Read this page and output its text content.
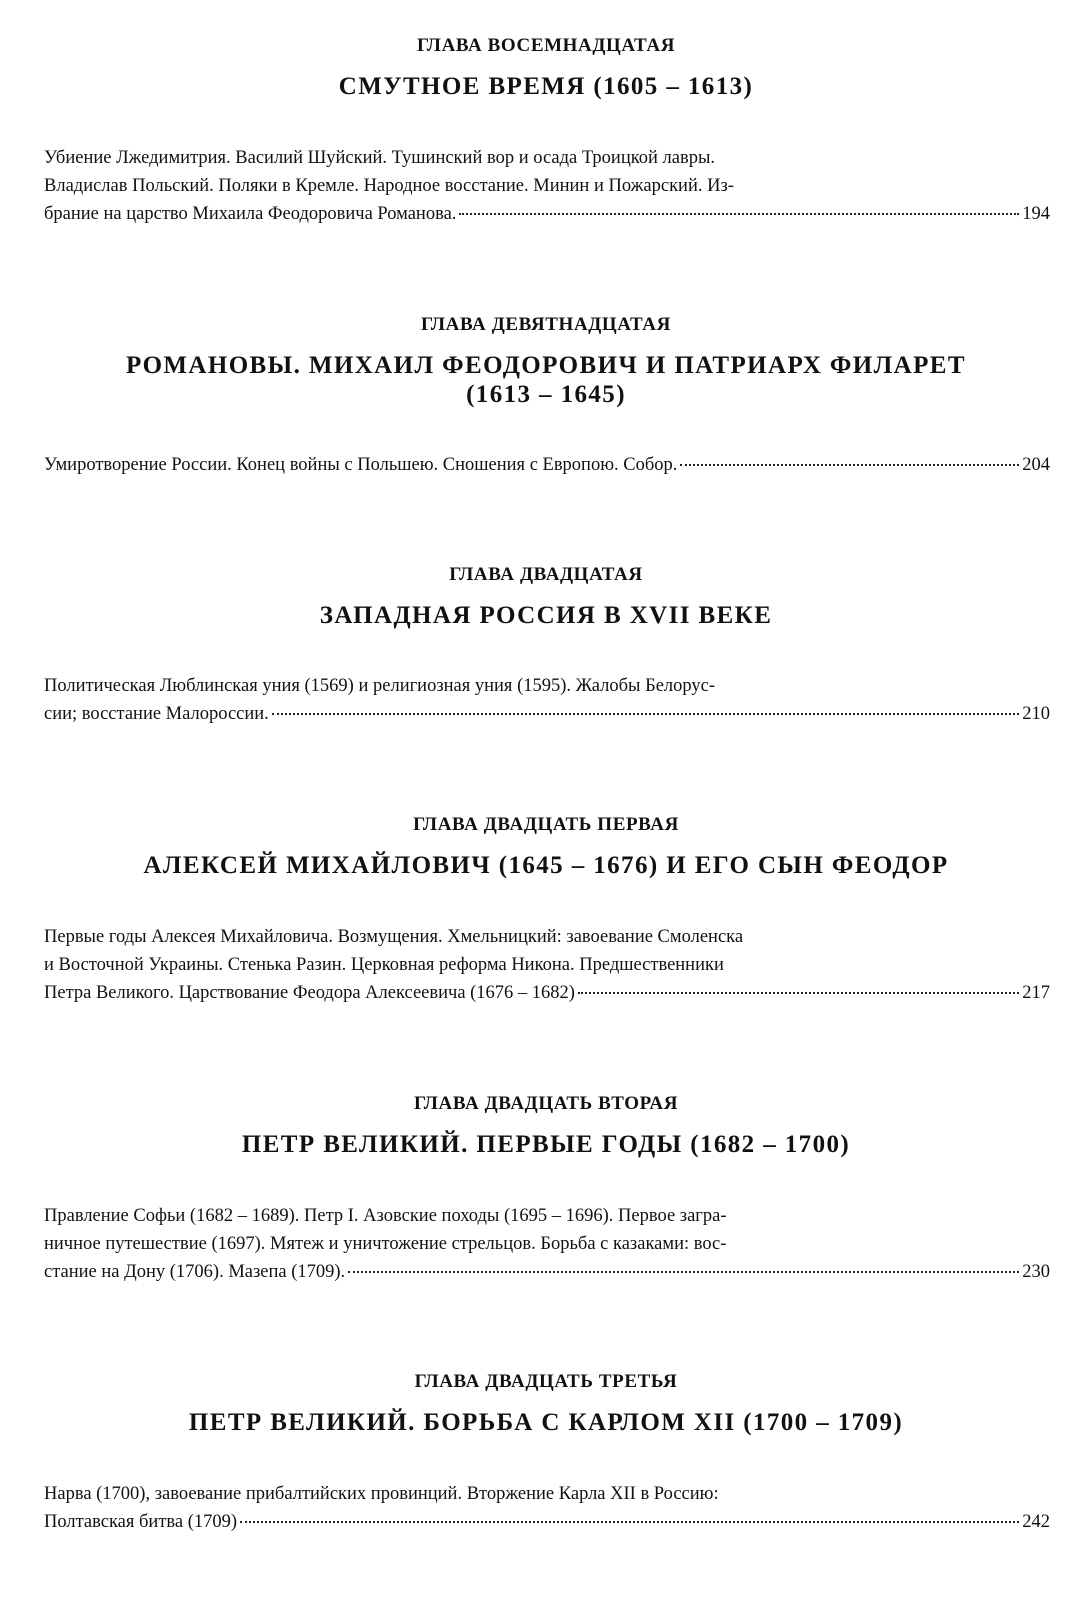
ГЛАВА ВОСЕМНАДЦАТАЯ

СМУТНОЕ ВРЕМЯ (1605 – 1613)

Убиение Лжедимитрия. Василий Шуйский. Тушинский вор и осада Троицкой лавры.
Владислав Польский. Поляки в Кремле. Народное восстание. Минин и Пожарский. Из-
брание на царство Михаила Феодоровича Романова.	194

ГЛАВА ДЕВЯТНАДЦАТАЯ

РОМАНОВЫ. МИХАИЛ ФЕОДОРОВИЧ И ПАТРИАРХ ФИЛАРЕТ (1613 – 1645)

Умиротворение России. Конец войны с Польшею. Сношения с Европою. Собор.	204

ГЛАВА ДВАДЦАТАЯ

ЗАПАДНАЯ РОССИЯ В XVII ВЕКЕ

Политическая Люблинская уния (1569) и религиозная уния (1595). Жалобы Белорус-
сии; восстание Малороссии.	210

ГЛАВА ДВАДЦАТЬ ПЕРВАЯ

АЛЕКСЕЙ МИХАЙЛОВИЧ (1645 – 1676) И ЕГО СЫН ФЕОДОР

Первые годы Алексея Михайловича. Возмущения. Хмельницкий: завоевание Смоленска
и Восточной Украины. Стенька Разин. Церковная реформа Никона. Предшественники
Петра Великого. Царствование Феодора Алексеевича (1676 – 1682)	217

ГЛАВА ДВАДЦАТЬ ВТОРАЯ

ПЕТР ВЕЛИКИЙ. ПЕРВЫЕ ГОДЫ (1682 – 1700)

Правление Софьи (1682 – 1689). Петр I. Азовские походы (1695 – 1696). Первое загра-
ничное путешествие (1697). Мятеж и уничтожение стрельцов. Борьба с казаками: вос-
стание на Дону (1706). Мазепа (1709).	230

ГЛАВА ДВАДЦАТЬ ТРЕТЬЯ

ПЕТР ВЕЛИКИЙ. БОРЬБА С КАРЛОМ XII (1700 – 1709)

Нарва (1700), завоевание прибалтийских провинций. Вторжение Карла XII в Россию:
Полтавская битва (1709)	242
